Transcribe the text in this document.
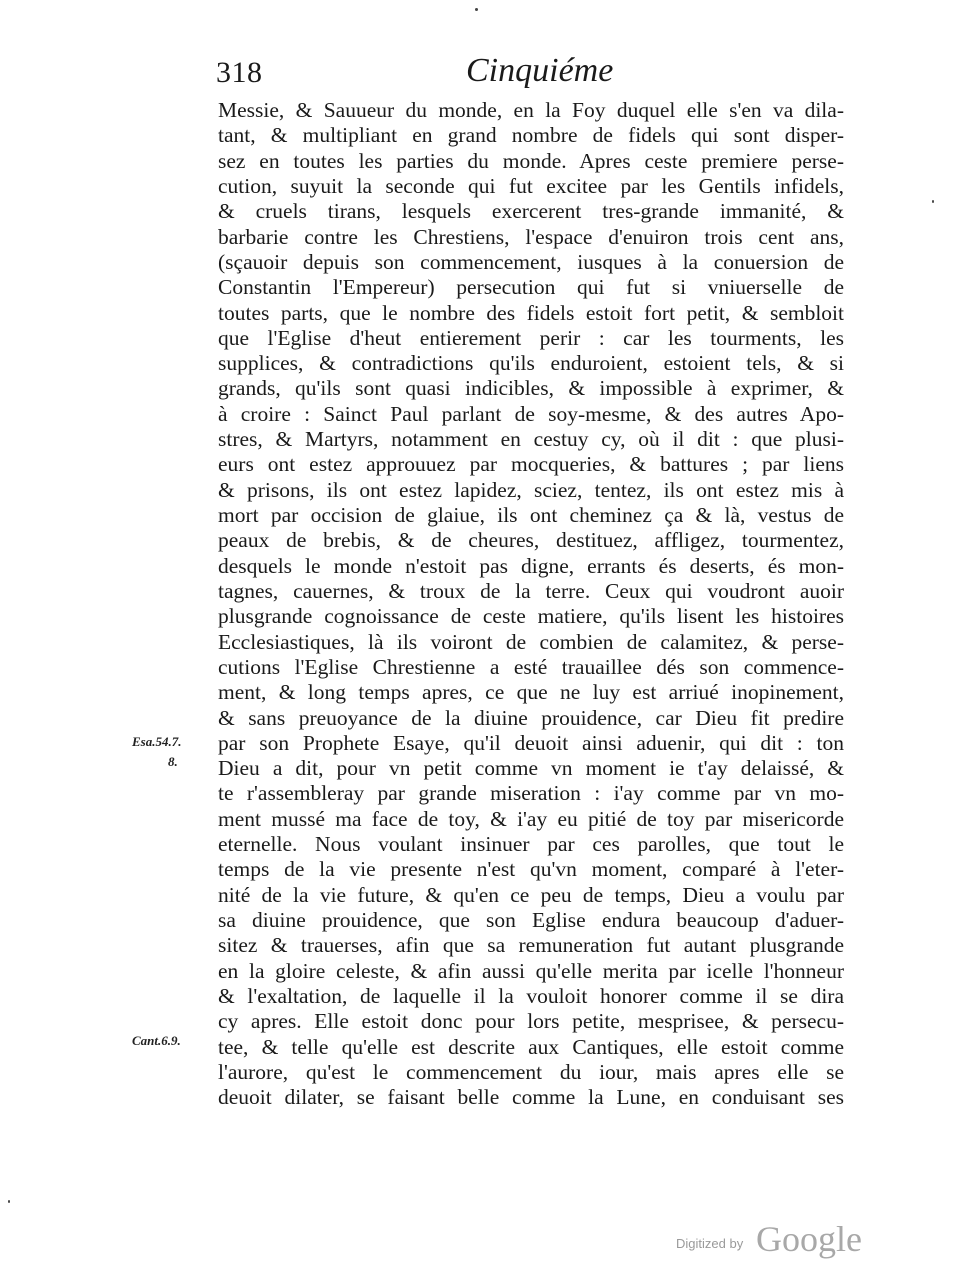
318	Cinquiéme
Messie, & Sauueur du monde, en la Foy duquel elle s'en va dila-
tant, & multipliant en grand nombre de fidels qui sont disper-
sez en toutes les parties du monde. Apres ceste premiere perse-
cution, suyuit la seconde qui fut excitee par les Gentils infidels,
& cruels tirans, lesquels exercerent tres-grande immanité, &
barbarie contre les Chrestiens, l'espace d'enuiron trois cent ans,
(sçauoir depuis son commencement, iusques à la conuersion de
Constantin l'Empereur) persecution qui fut si vniuerselle de
toutes parts, que le nombre des fidels estoit fort petit, & sembloit
que l'Eglise d'heut entierement perir : car les tourments, les
supplices, & contradictions qu'ils enduroient, estoient tels, & si
grands, qu'ils sont quasi indicibles, & impossible à exprimer, &
à croire : Sainct Paul parlant de soy-mesme, & des autres Apo-
stres, & Martyrs, notamment en cestuy cy, où il dit : que plusi-
eurs ont estez approuuez par mocqueries, & battures ; par liens
& prisons, ils ont estez lapidez, sciez, tentez, ils ont estez mis à
mort par occision de glaiue, ils ont cheminez ça & là, vestus de
peaux de brebis, & de cheures, destituez, affligez, tourmentez,
desquels le monde n'estoit pas digne, errants és deserts, és mon-
tagnes, cauernes, & troux de la terre. Ceux qui voudront auoir
plusgrande cognoissance de ceste matiere, qu'ils lisent les histoires
Ecclesiastiques, là ils voiront de combien de calamitez, & perse-
cutions l'Eglise Chrestienne a esté trauaillee dés son commence-
ment, & long temps apres, ce que ne luy est arriué inopinement,
& sans preuoyance de la diuine prouidence, car Dieu fit predire
par son Prophete Esaye, qu'il deuoit ainsi aduenir, qui dit : ton
Dieu a dit, pour vn petit comme vn moment ie t'ay delaissé, &
te r'assembleray par grande miseration : i'ay comme par vn mo-
ment mussé ma face de toy, & i'ay eu pitié de toy par misericorde
eternelle. Nous voulant insinuer par ces parolles, que tout le
temps de la vie presente n'est qu'vn moment, comparé à l'eter-
nité de la vie future, & qu'en ce peu de temps, Dieu a voulu par
sa diuine prouidence, que son Eglise endura beaucoup d'aduer-
sitez & trauerses, afin que sa remuneration fut autant plusgrande
en la gloire celeste, & afin aussi qu'elle merita par icelle l'honneur
& l'exaltation, de laquelle il la vouloit honorer comme il se dira
cy apres. Elle estoit donc pour lors petite, mesprisee, & persecu-
tee, & telle qu'elle est descrite aux Cantiques, elle estoit comme
l'aurore, qu'est le commencement du iour, mais apres elle se
deuoit dilater, se faisant belle comme la Lune, en conduisant ses
Esa.54.7.
8.
Cant.6.9.
Digitized by Google
